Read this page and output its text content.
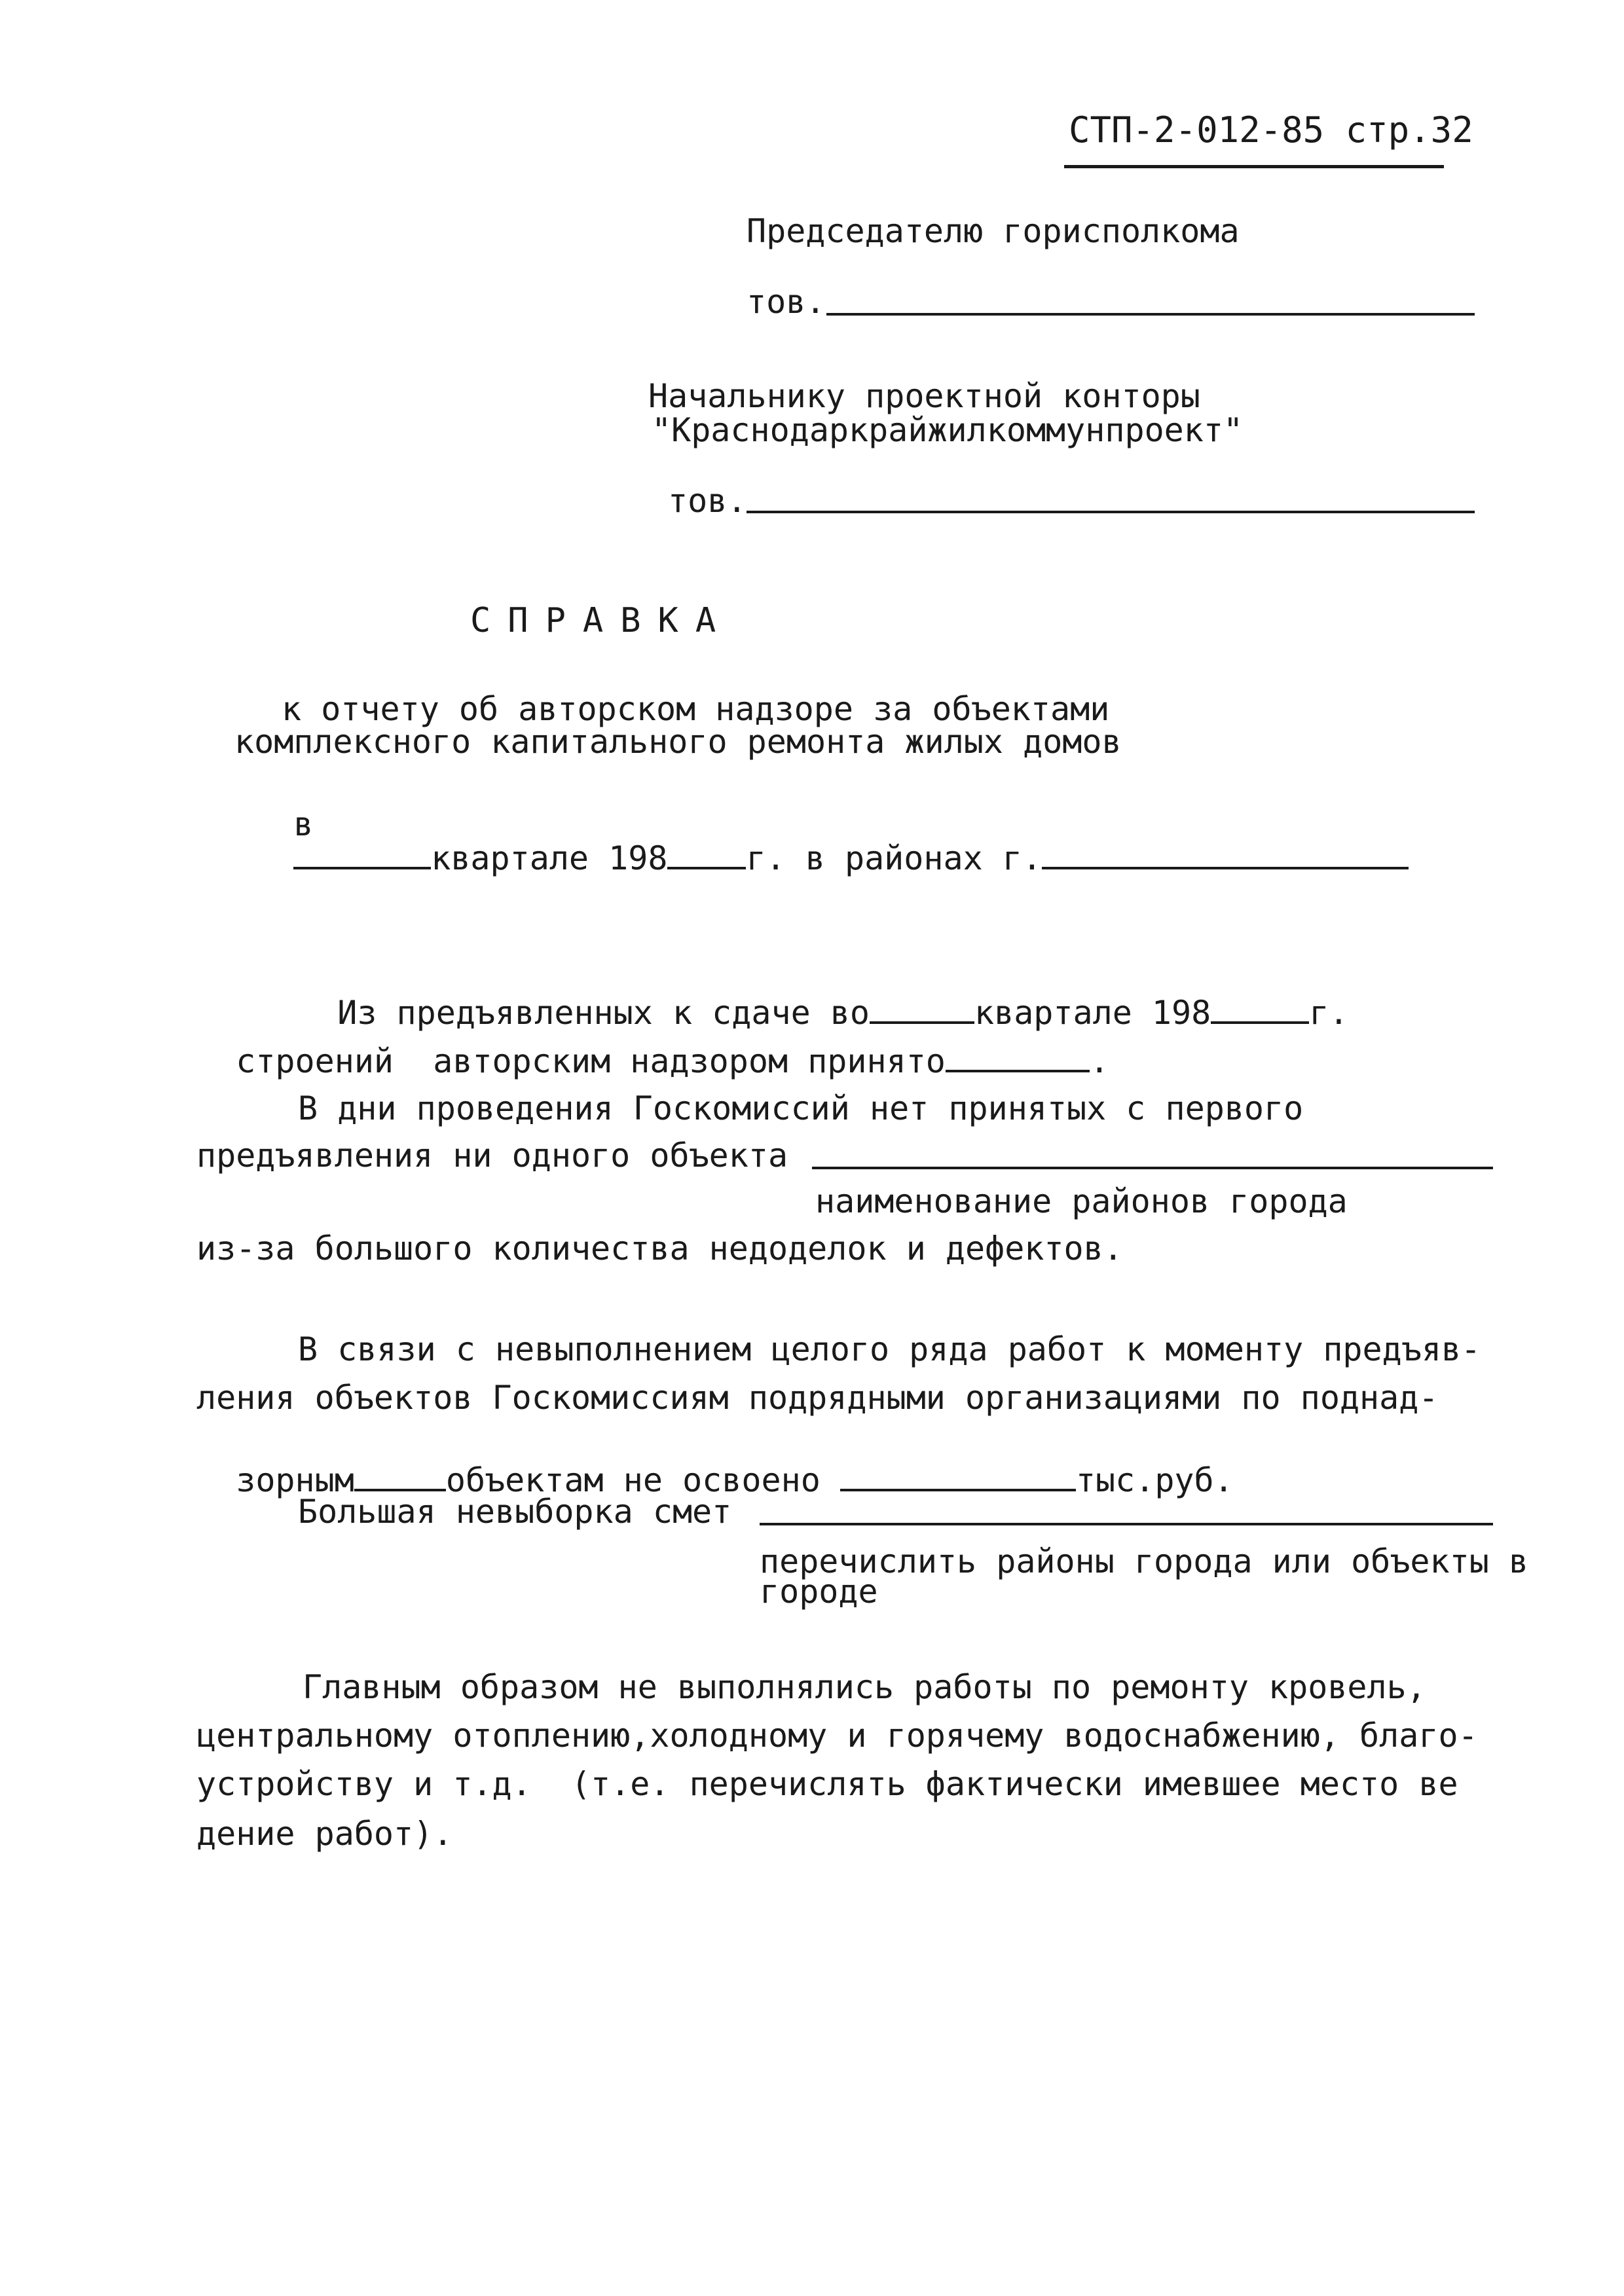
СТП-2-012-85 стр.32
Председателю горисполкома
тов.
Начальнику проектной конторы
"Краснодаркрайжилкоммунпроект"
тов.
СПРАВКА
к отчету об авторском надзоре за объектами
комплексного капитального ремонта жилых домов

в
квартале 198 г. в районах г.

Из предъявленных к сдаче во	квартале 198	г.

строений  авторским надзором принято	.

В дни проведения Госкомиссий нет принятых с первого
предъявления ни одного объекта
наименование районов города
из-за большого количества недоделок и дефектов.
В связи с невыполнением целого ряда работ к моменту предъяв-
ления объектов Госкомиссиям подрядными организациями по поднад-

зорным	объектам не освоено	тыс.руб.

Большая невыборка смет
перечислить районы города или объекты в
городе
Главным образом не выполнялись работы по ремонту кровель,
центральному отоплению,холодному и горячему водоснабжению, благо-
устройству и т.д.  (т.е. перечислять фактически имевшее место ве
дение работ).
